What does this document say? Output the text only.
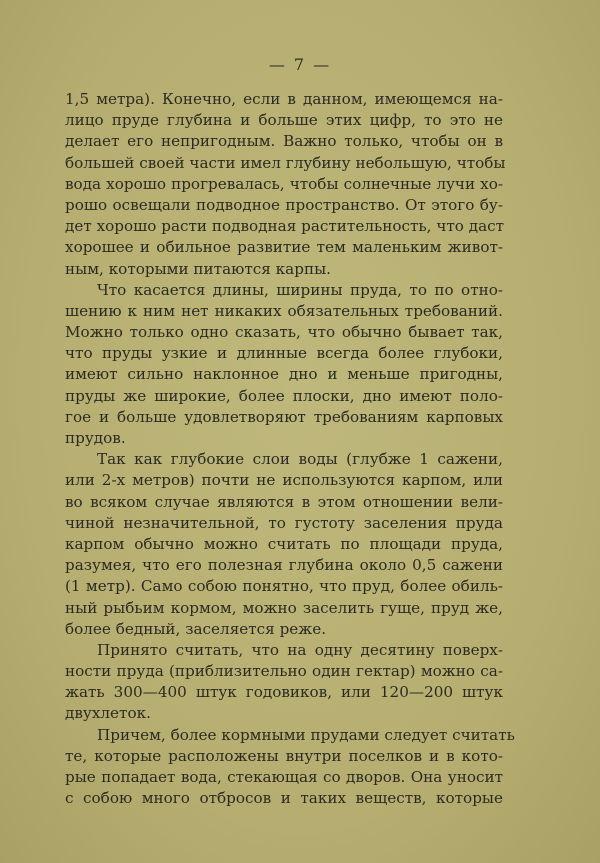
— 7 —
1,5 метра). Конечно, если в данном, имеющемся на-
лицо пруде глубина и больше этих цифр, то это не
делает его непригодным. Важно только, чтобы он в
большей своей части имел глубину небольшую, чтобы
вода хорошо прогревалась, чтобы солнечные лучи хо-
рошо освещали подводное пространство. От этого бу-
дет хорошо расти подводная растительность, что даст
хорошее и обильное развитие тем маленьким живот-
ным, которыми питаются карпы.
Что касается длины, ширины пруда, то по отно-
шению к ним нет никаких обязательных требований.
Можно только одно сказать, что обычно бывает так,
что пруды узкие и длинные всегда более глубоки,
имеют сильно наклонное дно и меньше пригодны,
пруды же широкие, более плоски, дно имеют поло-
гое и больше удовлетворяют требованиям карповых
прудов.
Так как глубокие слои воды (глубже 1 сажени,
или 2-х метров) почти не используются карпом, или
во всяком случае являются в этом отношении вели-
чиной незначительной, то густоту заселения пруда
карпом обычно можно считать по площади пруда,
разумея, что его полезная глубина около 0,5 сажени
(1 метр). Само собою понятно, что пруд, более обиль-
ный рыбьим кормом, можно заселить гуще, пруд же,
более бедный, заселяется реже.
Принято считать, что на одну десятину поверх-
ности пруда (приблизительно один гектар) можно са-
жать 300—400 штук годовиков, или 120—200 штук
двухлеток.
Причем, более кормными прудами следует считать
те, которые расположены внутри поселков и в кото-
рые попадает вода, стекающая со дворов. Она уносит
с собою много отбросов и таких веществ, которые
